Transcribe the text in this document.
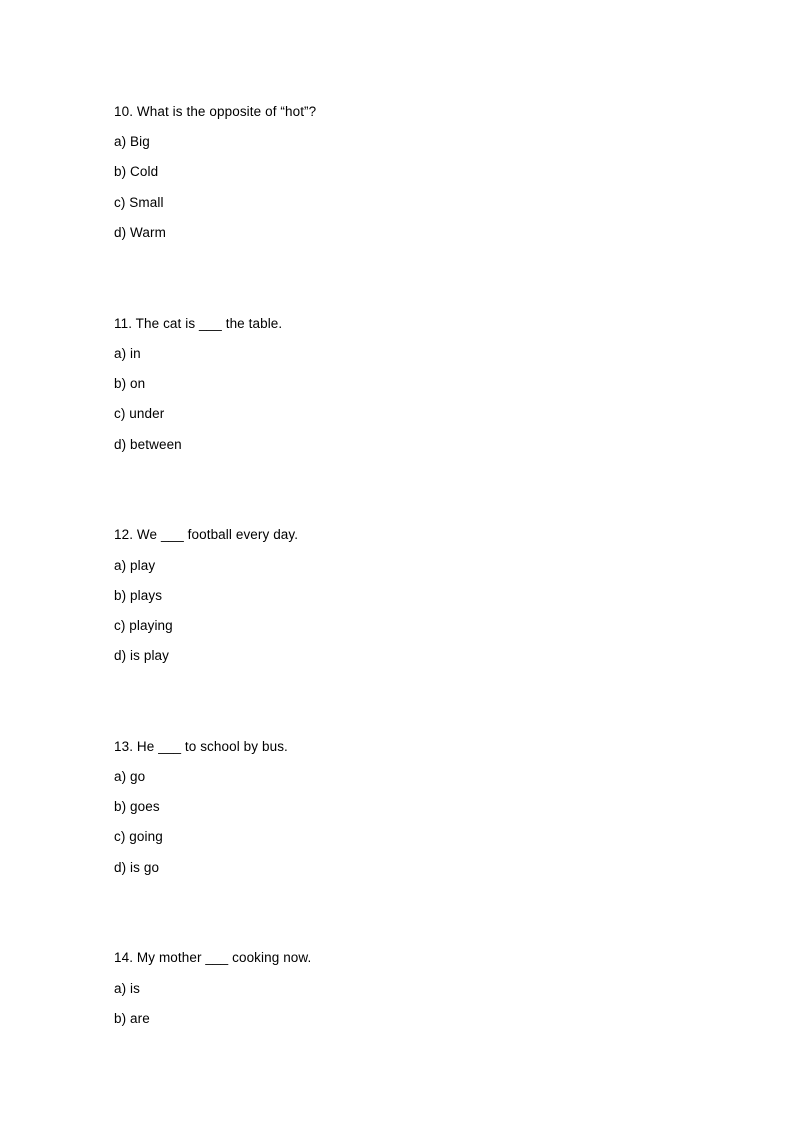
10. What is the opposite of “hot”?
a) Big
b) Cold
c) Small
d) Warm
11. The cat is ___ the table.
a) in
b) on
c) under
d) between
12. We ___ football every day.
a) play
b) plays
c) playing
d) is play
13. He ___ to school by bus.
a) go
b) goes
c) going
d) is go
14. My mother ___ cooking now.
a) is
b) are
